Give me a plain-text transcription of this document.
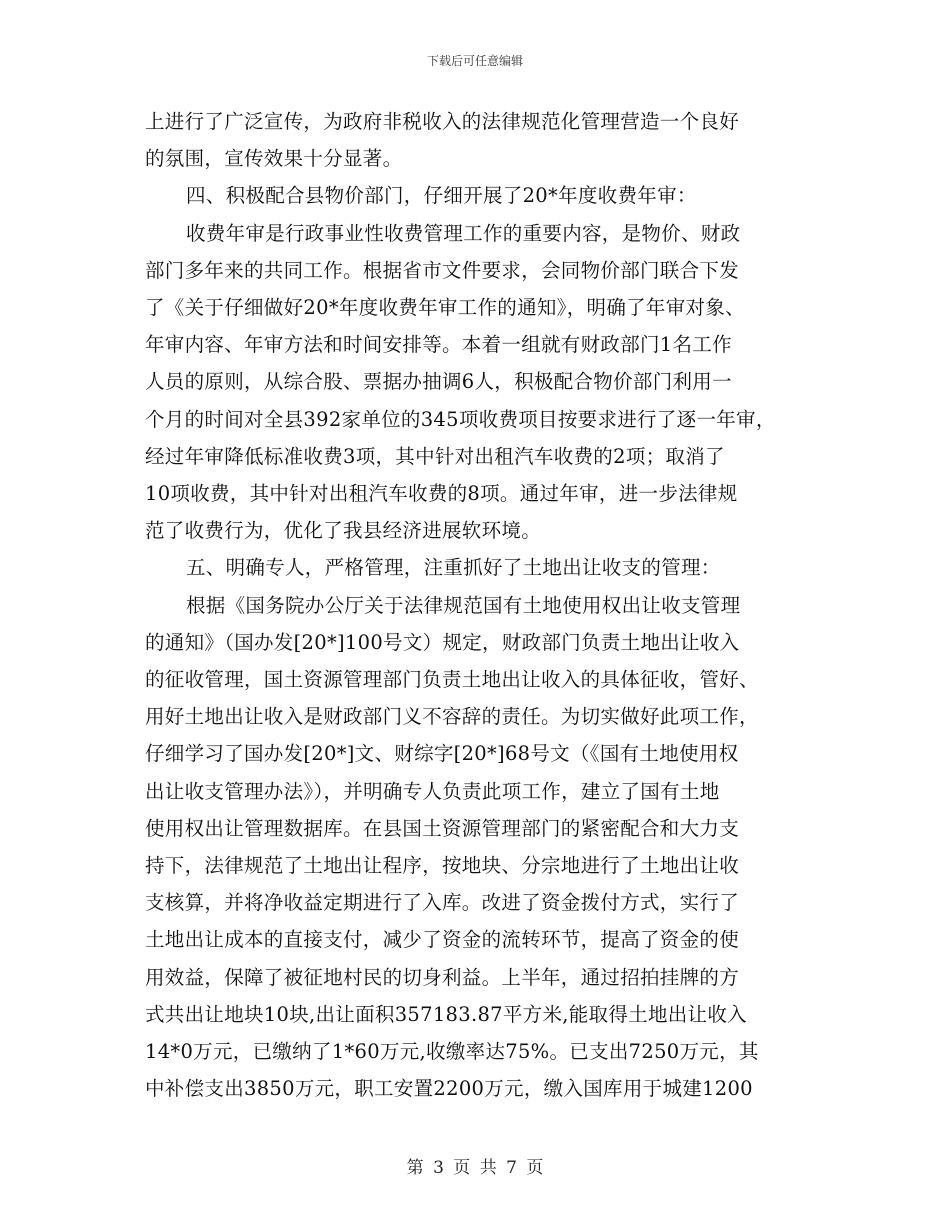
下载后可任意编辑
上进行了广泛宣传，为政府非税收入的法律规范化管理营造一个良好
的氛围，宣传效果十分显著。
四、积极配合县物价部门，仔细开展了20*年度收费年审：
收费年审是行政事业性收费管理工作的重要内容，是物价、财政
部门多年来的共同工作。根据省市文件要求，会同物价部门联合下发
了《关于仔细做好20*年度收费年审工作的通知》，明确了年审对象、
年审内容、年审方法和时间安排等。本着一组就有财政部门1名工作
人员的原则，从综合股、票据办抽调6人，积极配合物价部门利用一
个月的时间对全县392家单位的345项收费项目按要求进行了逐一年审，
经过年审降低标准收费3项，其中针对出租汽车收费的2项；取消了
10项收费，其中针对出租汽车收费的8项。通过年审，进一步法律规
范了收费行为，优化了我县经济进展软环境。
五、明确专人，严格管理，注重抓好了土地出让收支的管理：
根据《国务院办公厅关于法律规范国有土地使用权出让收支管理
的通知》（国办发[20*]100号文）规定，财政部门负责土地出让收入
的征收管理，国土资源管理部门负责土地出让收入的具体征收，管好、
用好土地出让收入是财政部门义不容辞的责任。为切实做好此项工作，
仔细学习了国办发[20*]文、财综字[20*]68号文（《国有土地使用权
出让收支管理办法》），并明确专人负责此项工作，建立了国有土地
使用权出让管理数据库。在县国土资源管理部门的紧密配合和大力支
持下，法律规范了土地出让程序，按地块、分宗地进行了土地出让收
支核算，并将净收益定期进行了入库。改进了资金拨付方式，实行了
土地出让成本的直接支付，减少了资金的流转环节，提高了资金的使
用效益，保障了被征地村民的切身利益。上半年，通过招拍挂牌的方
式共出让地块10块,出让面积357183.87平方米,能取得土地出让收入
14*0万元，已缴纳了1*60万元,收缴率达75%。已支出7250万元，其
中补偿支出3850万元，职工安置2200万元，缴入国库用于城建1200
第 3 页 共 7 页
